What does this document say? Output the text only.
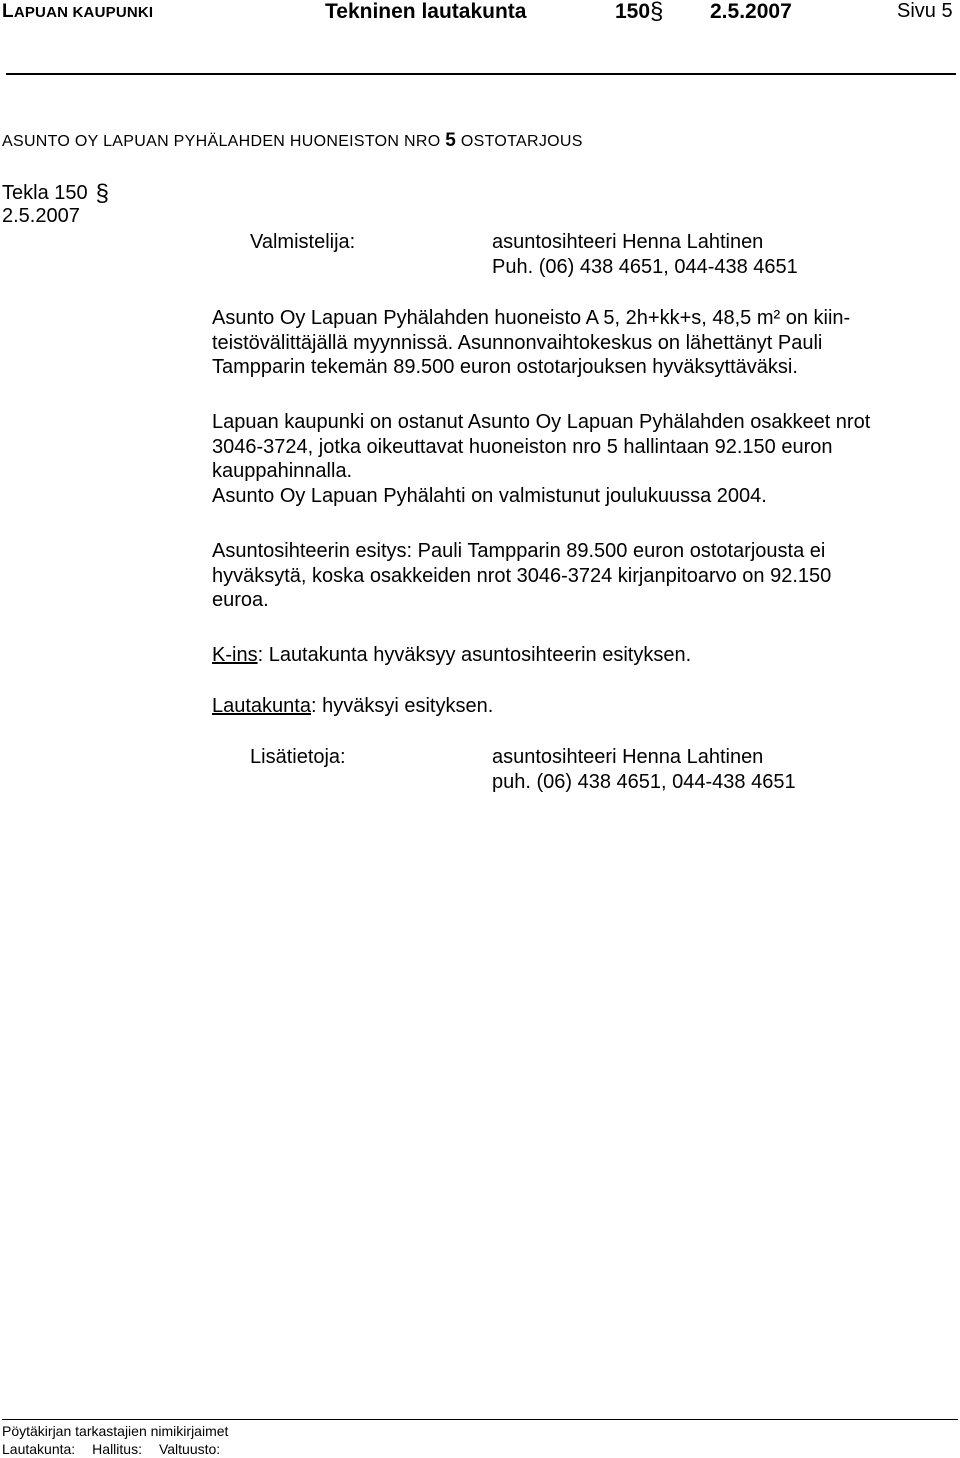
LAPUAN KAUPUNKI	Tekninen lautakunta	150 § 2.5.2007	Sivu 5
ASUNTO OY LAPUAN PYHÄLAHDEN HUONEISTON NRO 5 OSTOTARJOUS
Tekla 150 §
2.5.2007
Valmistelija:	asuntosihteeri Henna Lahtinen
Puh. (06) 438 4651, 044-438 4651

Asunto Oy Lapuan Pyhälahden huoneisto A 5, 2h+kk+s, 48,5 m² on kiin-

teistövälittäjällä myynnissä. Asunnonvaihtokeskus on lähettänyt Pauli

Tampparin tekemän 89.500 euron ostotarjouksen hyväksyttäväksi.

Lapuan kaupunki on ostanut Asunto Oy Lapuan Pyhälahden osakkeet nrot

3046-3724, jotka oikeuttavat huoneiston nro 5 hallintaan 92.150 euron

kauppahinnalla.

Asunto Oy Lapuan Pyhälahti on valmistunut joulukuussa 2004.

Asuntosihteerin esitys: Pauli Tampparin 89.500 euron ostotarjousta ei

hyväksytä, koska osakkeiden nrot 3046-3724 kirjanpitoarvo on 92.150

euroa.

K-ins: Lautakunta hyväksyy asuntosihteerin esityksen.

Lautakunta: hyväksyi esityksen.

Lisätietoja:	asuntosihteeri Henna Lahtinen
puh. (06) 438 4651, 044-438 4651
Pöytäkirjan tarkastajien nimikirjaimet
Lautakunta: Hallitus: Valtuusto:
